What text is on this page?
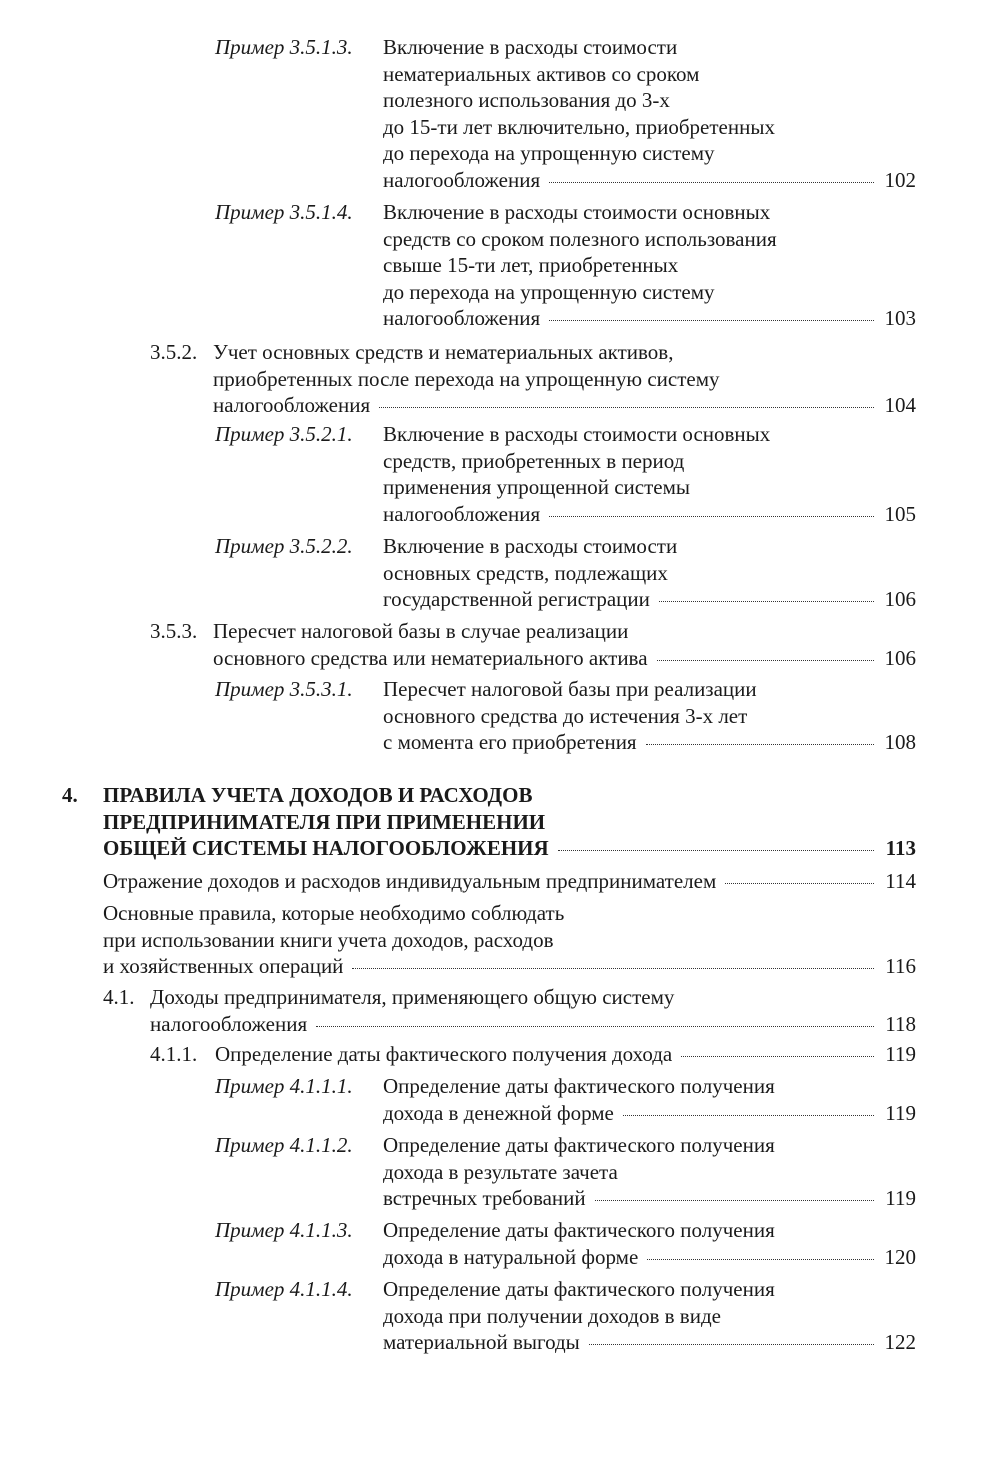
Пример 3.5.1.3. Включение в расходы стоимости
нематериальных активов со сроком
полезного использования до 3-х
до 15-ти лет включительно, приобретенных
до перехода на упрощенную систему
налогообложения	102
Пример 3.5.1.4. Включение в расходы стоимости основных
средств со сроком полезного использования
свыше 15-ти лет, приобретенных
до перехода на упрощенную систему
налогообложения	103
3.5.2. Учет основных средств и нематериальных активов,
приобретенных после перехода на упрощенную систему
налогообложения	104
Пример 3.5.2.1. Включение в расходы стоимости основных
средств, приобретенных в период
применения упрощенной системы
налогообложения	105
Пример 3.5.2.2. Включение в расходы стоимости
основных средств, подлежащих
государственной регистрации	106
3.5.3. Пересчет налоговой базы в случае реализации
основного средства или нематериального актива	106
Пример 3.5.3.1. Пересчет налоговой базы при реализации
основного средства до истечения 3-х лет
с момента его приобретения	108
4. ПРАВИЛА УЧЕТА ДОХОДОВ И РАСХОДОВ
ПРЕДПРИНИМАТЕЛЯ ПРИ ПРИМЕНЕНИИ
ОБЩЕЙ СИСТЕМЫ НАЛОГООБЛОЖЕНИЯ	113
Отражение доходов и расходов индивидуальным предпринимателем	114
Основные правила, которые необходимо соблюдать
при использовании книги учета доходов, расходов
и хозяйственных операций	116
4.1. Доходы предпринимателя, применяющего общую систему
налогообложения	118
4.1.1. Определение даты фактического получения дохода	119
Пример 4.1.1.1. Определение даты фактического получения
дохода в денежной форме	119
Пример 4.1.1.2. Определение даты фактического получения
дохода в результате зачета
встречных требований	119
Пример 4.1.1.3. Определение даты фактического получения
дохода в натуральной форме	120
Пример 4.1.1.4. Определение даты фактического получения
дохода при получении доходов в виде
материальной выгоды	122
